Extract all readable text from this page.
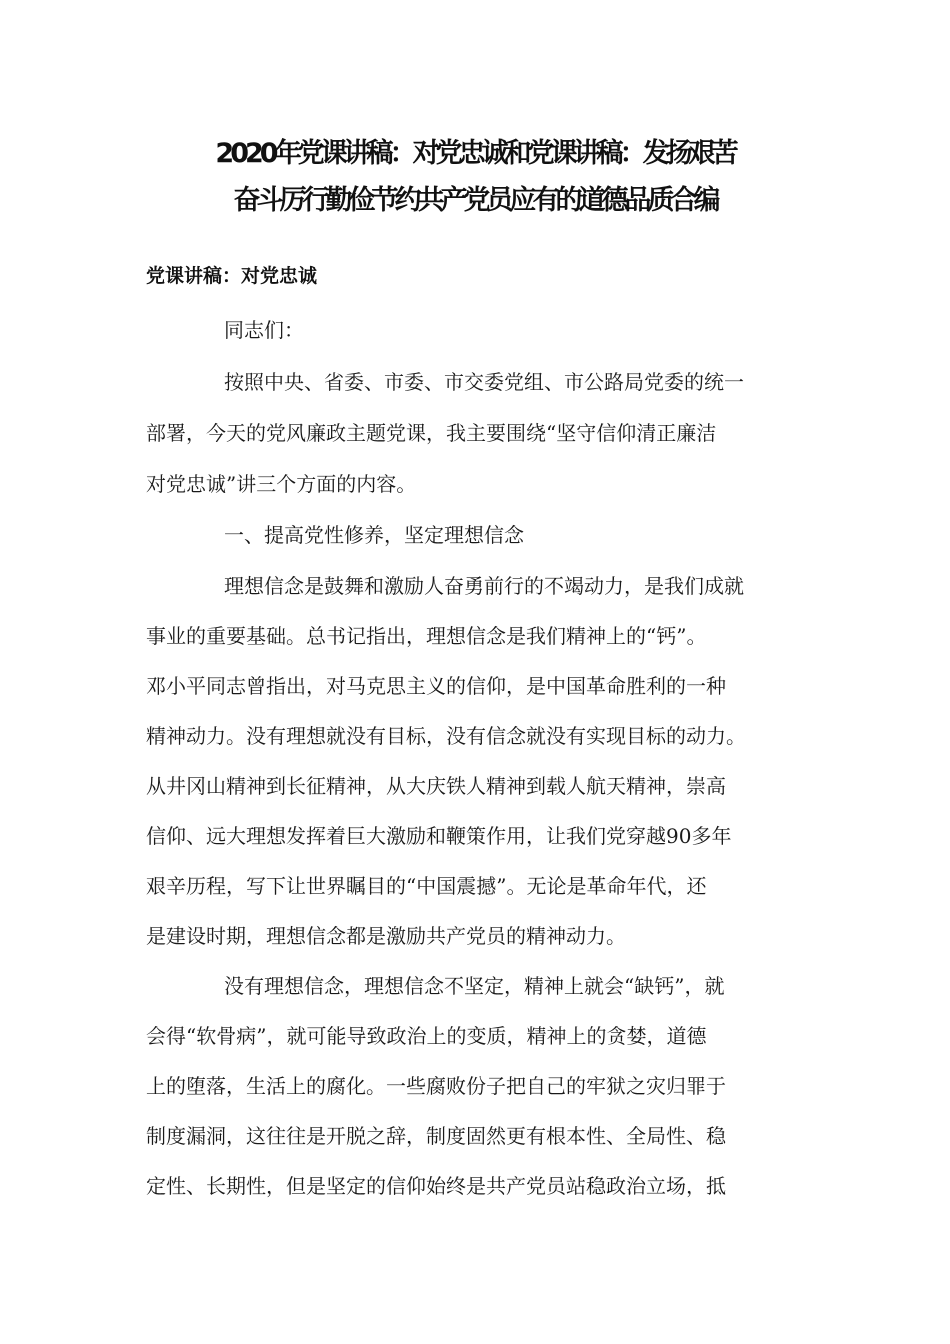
2020年党课讲稿：对党忠诚和党课讲稿：发扬艰苦
奋斗厉行勤俭节约共产党员应有的道德品质合编
党课讲稿：对党忠诚
同志们：
按照中央、省委、市委、市交委党组、市公路局党委的统一
部署，今天的党风廉政主题党课，我主要围绕“坚守信仰清正廉洁
对党忠诚”讲三个方面的内容。
一、提高党性修养，坚定理想信念
理想信念是鼓舞和激励人奋勇前行的不竭动力，是我们成就
事业的重要基础。总书记指出，理想信念是我们精神上的“钙”。
邓小平同志曾指出，对马克思主义的信仰，是中国革命胜利的一种
精神动力。没有理想就没有目标，没有信念就没有实现目标的动力。
从井冈山精神到长征精神，从大庆铁人精神到载人航天精神，崇高
信仰、远大理想发挥着巨大激励和鞭策作用，让我们党穿越90多年
艰辛历程，写下让世界瞩目的“中国震撼”。无论是革命年代，还
是建设时期，理想信念都是激励共产党员的精神动力。
没有理想信念，理想信念不坚定，精神上就会“缺钙”，就
会得“软骨病”，就可能导致政治上的变质，精神上的贪婪，道德
上的堕落，生活上的腐化。一些腐败份子把自己的牢狱之灾归罪于
制度漏洞，这往往是开脱之辞，制度固然更有根本性、全局性、稳
定性、长期性，但是坚定的信仰始终是共产党员站稳政治立场，抵
